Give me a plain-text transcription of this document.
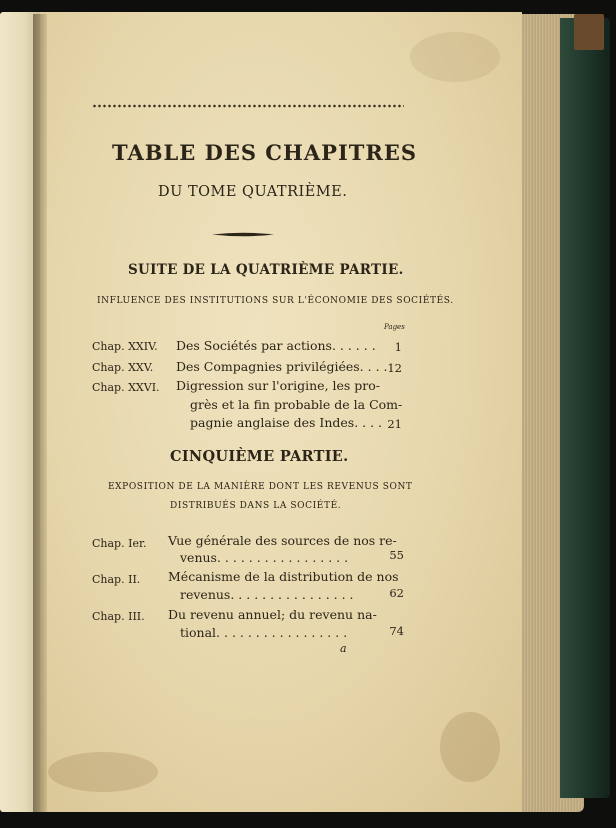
TABLE DES CHAPITRES
DU TOME QUATRIÈME.
SUITE DE LA QUATRIÈME PARTIE.
INFLUENCE DES INSTITUTIONS SUR L'ÉCONOMIE DES SOCIÉTÉS.
Pages
Chap. XXIV. Des Sociétés par actions. . . . . .	1
Chap. XXV. Des Compagnies privilégiées. . . . 12
Chap. XXVI. Digression sur l'origine, les pro-
grès et la fin probable de la Com-
pagnie anglaise des Indes. . . . 21
CINQUIÈME PARTIE.
EXPOSITION DE LA MANIÈRE DONT LES REVENUS SONT
DISTRIBUÉS DANS LA SOCIÉTÉ.
Chap. Ier. Vue générale des sources de nos re-
venus. . . . . . . . . . . . . . . . .	55
Chap. II. Mécanisme de la distribution de nos
revenus. . . . . . . . . . . . . . . .	62
Chap. III. Du revenu annuel; du revenu na-
tional. . . . . . . . . . . . . . . . .	74
a
